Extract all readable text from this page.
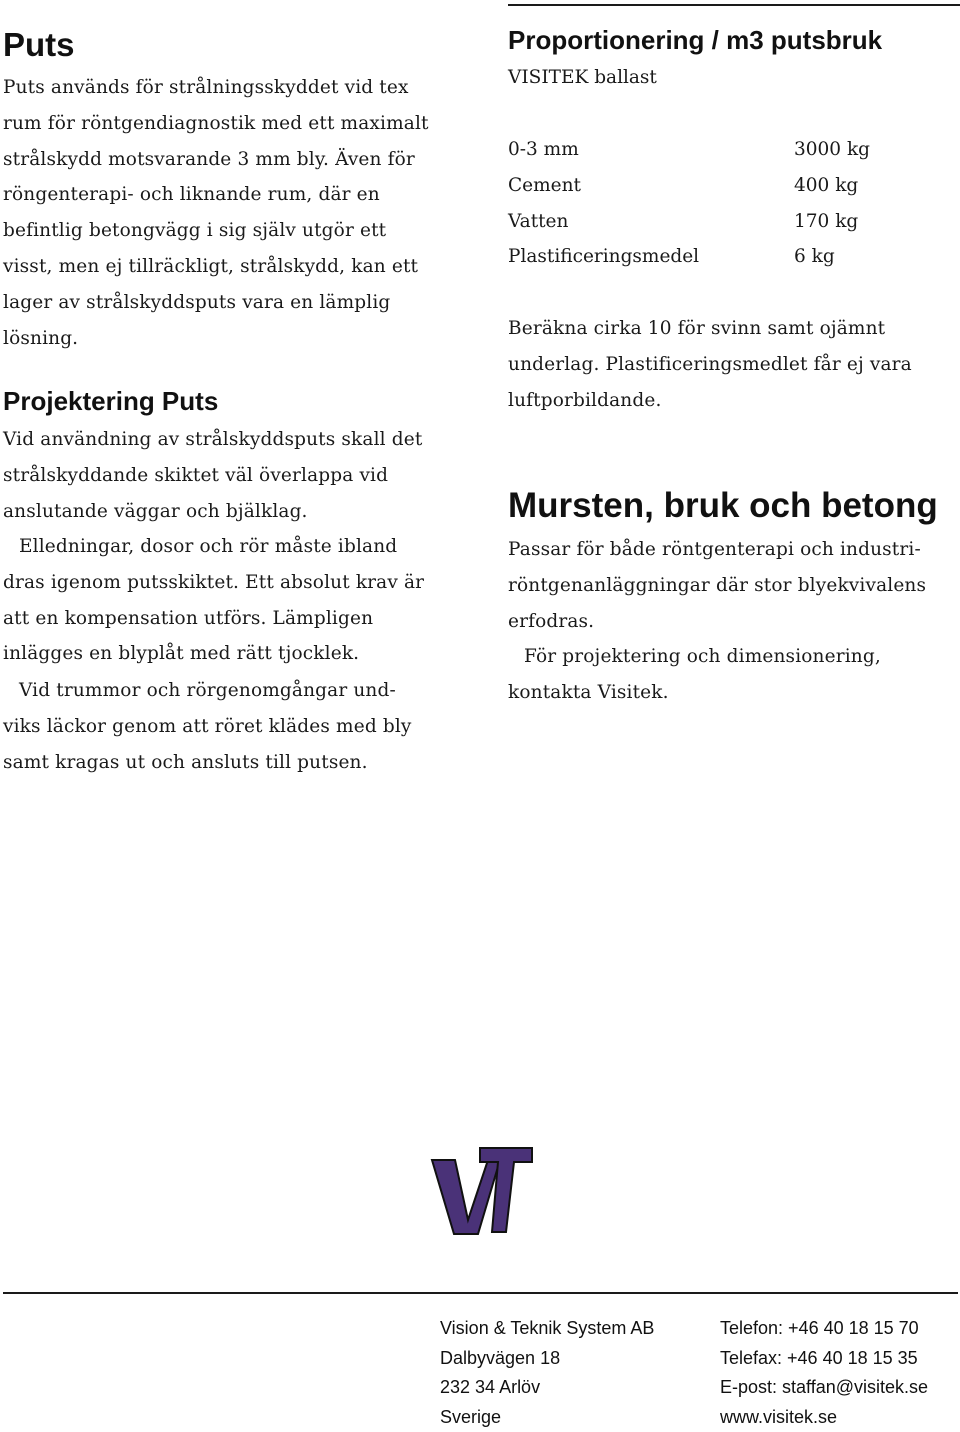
Puts

Puts används för strålningsskyddet vid tex
rum för röntgendiagnostik med ett maximalt
strålskydd motsvarande 3 mm bly. Även för
röngenterapi- och liknande rum, där en
befintlig betongvägg i sig själv utgör ett
visst, men ej tillräckligt, strålskydd, kan ett
lager av strålskyddsputs vara en lämplig
lösning.

Projektering Puts

Vid användning av strålskyddsputs skall det
strålskyddande skiktet väl överlappa vid
anslutande väggar och bjälklag.

Elledningar, dosor och rör måste ibland
dras igenom putsskiktet. Ett absolut krav är
att en kompensation utförs. Lämpligen
inlägges en blyplåt med rätt tjocklek.

Vid trummor och rörgenomgångar und-
viks läckor genom att röret klädes med bly
samt kragas ut och ansluts till putsen.

Proportionering / m3 putsbruk

VISITEK ballast

0-3 mm	3000 kg
Cement	400 kg
Vatten	170 kg
Plastificeringsmedel	6 kg

Beräkna cirka 10 för svinn samt ojämnt
underlag. Plastificeringsmedlet får ej vara
luftporbildande.

Mursten, bruk och betong

Passar för både röntgenterapi och industri-
röntgenanläggningar där stor blyekvivalens
erfodras.

För projektering och dimensionering,
kontakta Visitek.

Vision & Teknik System AB
Dalbyvägen 18
232 34 Arlöv
Sverige
Telefon: +46 40 18 15 70
Telefax: +46 40 18 15 35
E-post: staffan@visitek.se
www.visitek.se
